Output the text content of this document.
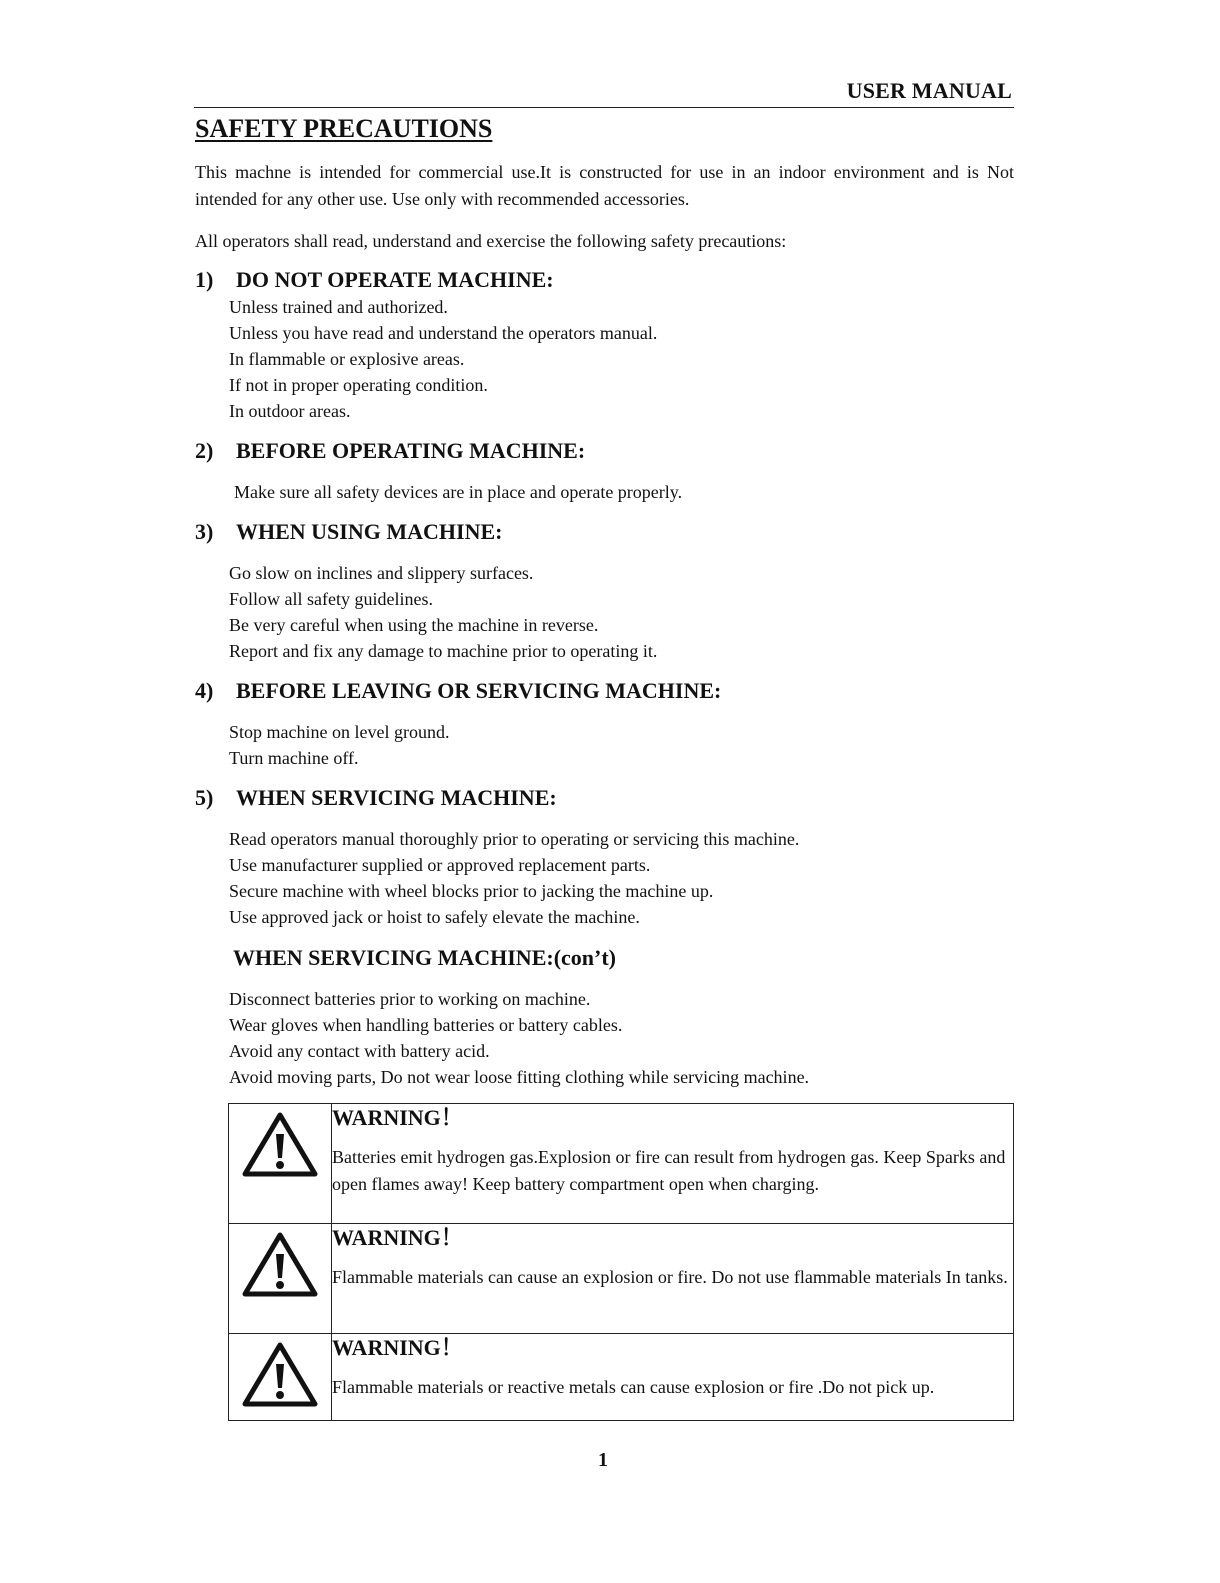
USER MANUAL
SAFETY PRECAUTIONS
This machne is intended for commercial use.It is constructed for use in an indoor environment and is Not intended for any other use. Use only with recommended accessories.
All operators shall read, understand and exercise the following safety precautions:
1) DO NOT OPERATE MACHINE:
Unless trained and authorized.
Unless you have read and understand the operators manual.
In flammable or explosive areas.
If not in proper operating condition.
In outdoor areas.
2) BEFORE OPERATING MACHINE:
Make sure all safety devices are in place and operate properly.
3) WHEN USING MACHINE:
Go slow on inclines and slippery surfaces.
Follow all safety guidelines.
Be very careful when using the machine in reverse.
Report and fix any damage to machine prior to operating it.
4) BEFORE LEAVING OR SERVICING MACHINE:
Stop machine on level ground.
Turn machine off.
5) WHEN SERVICING MACHINE:
Read operators manual thoroughly prior to operating or servicing this machine.
Use manufacturer supplied or approved replacement parts.
Secure machine with wheel blocks prior to jacking the machine up.
Use approved jack or hoist to safely elevate the machine.
WHEN SERVICING MACHINE:(con’t)
Disconnect batteries prior to working on machine.
Wear gloves when handling batteries or battery cables.
Avoid any contact with battery acid.
Avoid moving parts, Do not wear loose fitting clothing while servicing machine.

WARNING！
Batteries emit hydrogen gas.Explosion or fire can result from hydrogen gas. Keep Sparks and open flames away! Keep battery compartment open when charging.

WARNING！
Flammable materials can cause an explosion or fire. Do not use flammable materials In tanks.

WARNING！
Flammable materials or reactive metals can cause explosion or fire .Do not pick up.
1
